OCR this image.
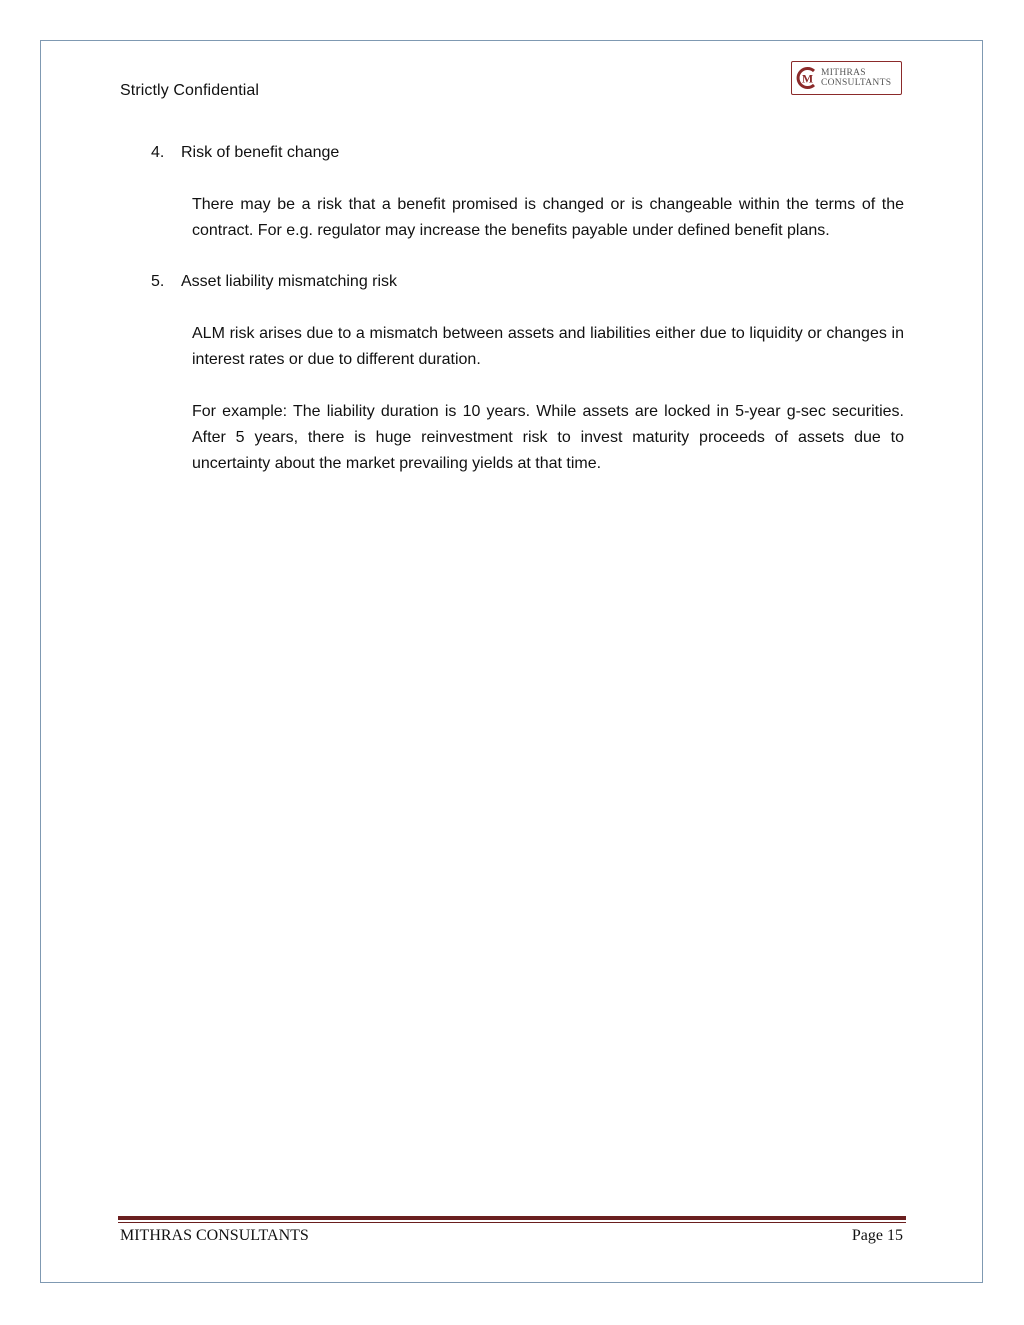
Strictly Confidential
M MITHRAS
CONSULTANTS
4.	Risk of benefit change

There may be a risk that a benefit promised is changed or is changeable within the terms of the contract. For e.g. regulator may increase the benefits payable under defined benefit plans.

5.	Asset liability mismatching risk

ALM risk arises due to a mismatch between assets and liabilities either due to liquidity or changes in interest rates or due to different duration.

For example: The liability duration is 10 years. While assets are locked in 5-year g-sec securities. After 5 years, there is huge reinvestment risk to invest maturity proceeds of assets due to uncertainty about the market prevailing yields at that time.

MITHRAS CONSULTANTS	Page 15
